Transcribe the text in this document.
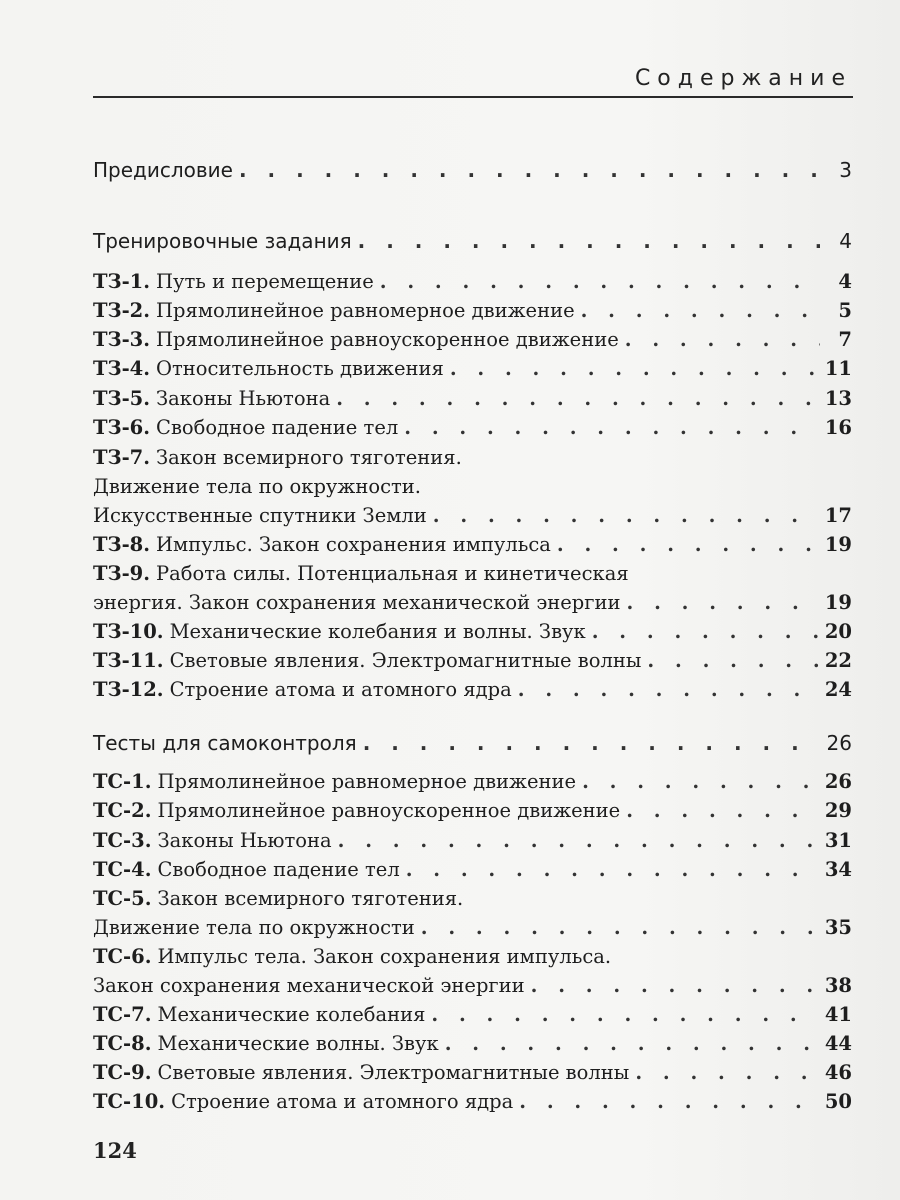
Содержание
Предисловие . . .	3
Тренировочные задания . . .	4
ТЗ-1. Путь и перемещение . . .	4
ТЗ-2. Прямолинейное равномерное движение . . .	5
ТЗ-3. Прямолинейное равноускоренное движение . . .	7
ТЗ-4. Относительность движения . . .	11
ТЗ-5. Законы Ньютона . . .	13
ТЗ-6. Свободное падение тел . . .	16
ТЗ-7. Закон всемирного тяготения.
Движение тела по окружности.
Искусственные спутники Земли . . .	17
ТЗ-8. Импульс. Закон сохранения импульса . . .	19
ТЗ-9. Работа силы. Потенциальная и кинетическая
энергия. Закон сохранения механической энергии . . .	19
ТЗ-10. Механические колебания и волны. Звук . . .	20
ТЗ-11. Световые явления. Электромагнитные волны . . .	22
ТЗ-12. Строение атома и атомного ядра . . .	24
Тесты для самоконтроля . . .	26
ТС-1. Прямолинейное равномерное движение . . .	26
ТС-2. Прямолинейное равноускоренное движение . . .	29
ТС-3. Законы Ньютона . . .	31
ТС-4. Свободное падение тел . . .	34
ТС-5. Закон всемирного тяготения.
Движение тела по окружности . . .	35
ТС-6. Импульс тела. Закон сохранения импульса.
Закон сохранения механической энергии . . .	38
ТС-7. Механические колебания . . .	41
ТС-8. Механические волны. Звук . . .	44
ТС-9. Световые явления. Электромагнитные волны . . .	46
ТС-10. Строение атома и атомного ядра . . .	50
124
